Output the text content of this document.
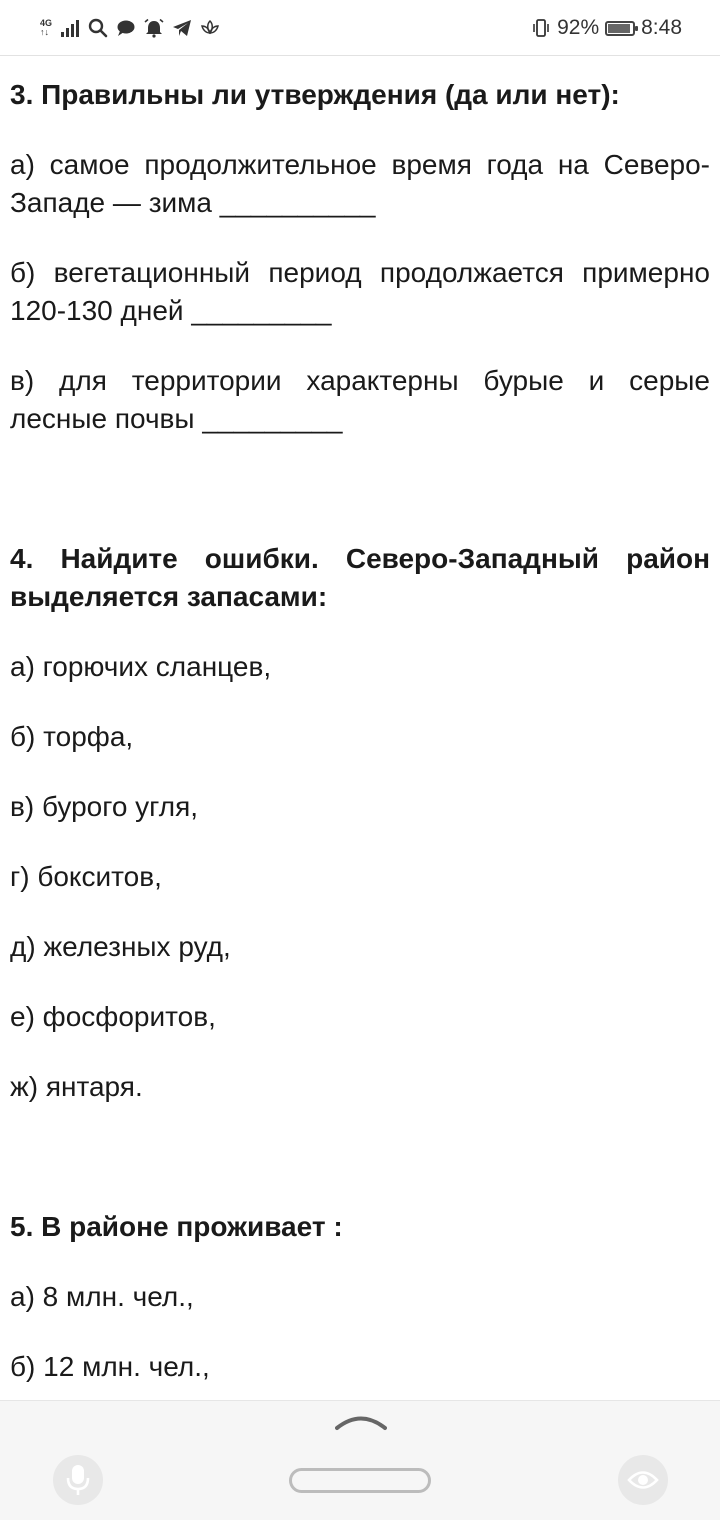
4G
↑↓	92% 8:48

3. Правильны ли утверждения (да или нет):

а) самое продолжительное время года на Северо-Западе — зима __________

б) вегетационный период продолжается примерно 120-130 дней _________

в) для территории характерны бурые и серые лесные почвы _________

4. Найдите ошибки. Северо-Западный район выделяется запасами:

а) горючих сланцев,

б) торфа,

в) бурого угля,

г) бокситов,

д) железных руд,

е) фосфоритов,

ж) янтаря.

5. В районе проживает :

а) 8 млн. чел.,

б) 12 млн. чел.,
